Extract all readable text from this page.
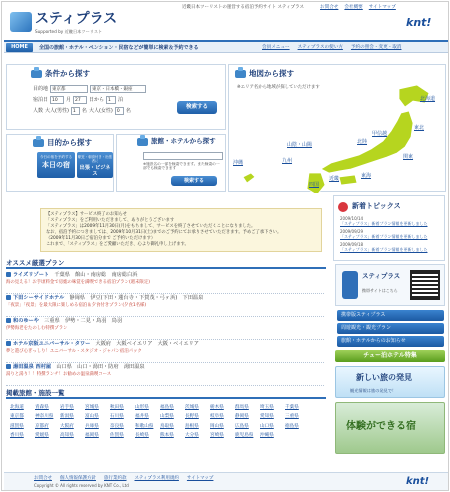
スティプラス
Supported by 近畿日本ツーリスト
近畿日本ツーリストの運営する宿泊予約サイト スティプラス	お問合せ 会社概要 サイトマップ
knt!
HOME	全国の旅館・ホテル・ペンション・民宿などが簡単に検索＆予約できる	会員メニュー スティプラスの使い方 予約の照会・変更・取消
条件から探す
目的地 東京都	東京・日本橋・銀座
宿泊日 10	月 27	日から 1	泊
人数 大人(男性) 1	名 大人(女性) 0	名
検索する
目的から探す
今日の宿を予約する
本日の宿
駅近・朝食付き・出張者に
出張・ビジネス
旅館・ホテルから探す
※施設名の一部を検索できます。また検索の一部でも検索できます
検索する
地図から探す
※エリア名から地域が探していただけます
北海道
東北
甲信越
北陸
関東
山陰・山陽
近畿	東海
九州
四国
沖縄
【スティプラス】サービス終了のお知らせ
「スティプラス」をご利用いただきまして、ありがとうございます
「スティプラス」は2009年11月30日(月)をもちまして、サービスを終了させていただくことになりました。
なお、宿泊予約につきましては、2009年10月31日(土)までのご予約にてお承りさせていただきます。予めご了承下さい。
（2009年11月30日ご宿泊分まで ご予約いただけます）
これまで、「スティプラス」をご愛顧いただき、心より御礼申し上げます。
新着トピックス
2009/10/14
「スティプラス」新着プラン情報を更新しました
2009/09/29
「スティプラス」新着プラン情報を更新しました
2009/09/18
「スティプラス」新着プラン情報を更新しました
オススメ厳選プラン
ライズリゾート　 千葉県　 館山・南房総　 南房総白浜
海の見える！お手頃料金で房総の味覚を満喫できる宿泊プラン(週末限定)
下田シーサイドホテル　 静岡県　 伊豆(下田・蓮台寺・下賀茂・弓ヶ浜)　 下田温泉
「夜景」「夜景」を最大限に楽しめる宿泊＆夕食付きプラン(夕食1名様)
和のゆーや　 三重県　 伊勢・二見・鳥羽　 鳥羽
伊勢海老をたのしむ特撰プラン
ホテル京阪ユニバーサル・タワー　 大阪府　 大阪ベイエリア　 大阪・ベイエリア
夢と遊び心ぎっしり！ユニバーサル・スタジオ・ジャパン宿泊パック
湯田温泉 西村屋　 山口県　 山口・湯田・防府　 湯田温泉
湯りと湯り！！特撰ランチ！お勧めの温泉満喫コース
スティプラス
携帯サイトはこちら
携帯版スティプラス
周遊観光・観光プラン
旅館・ホテルからのお知らせ
チュー泊ホテル特集
新しい旅の発見
観光情報は旅の発見で！
体験ができる宿
掲載旅館・施設一覧
北海道 青森県 岩手県 宮城県 秋田県 山形県 福島県 茨城県 栃木県 群馬県 埼玉県 千葉県 東京都 神奈川県 新潟県 富山県 石川県 福井県 山梨県 長野県 岐阜県 静岡県 愛知県 三重県 滋賀県 京都府 大阪府 兵庫県 奈良県 和歌山県 鳥取県 島根県 岡山県 広島県 山口県 徳島県 香川県 愛媛県 高知県 福岡県 佐賀県 長崎県 熊本県 大分県 宮崎県 鹿児島県 沖縄県
お問合せ 個人情報保護方針 旅行業約款 スティプラス利用規約 サイトマップ
Copyright © All rights reserved by KNT Co., Ltd	knt!
